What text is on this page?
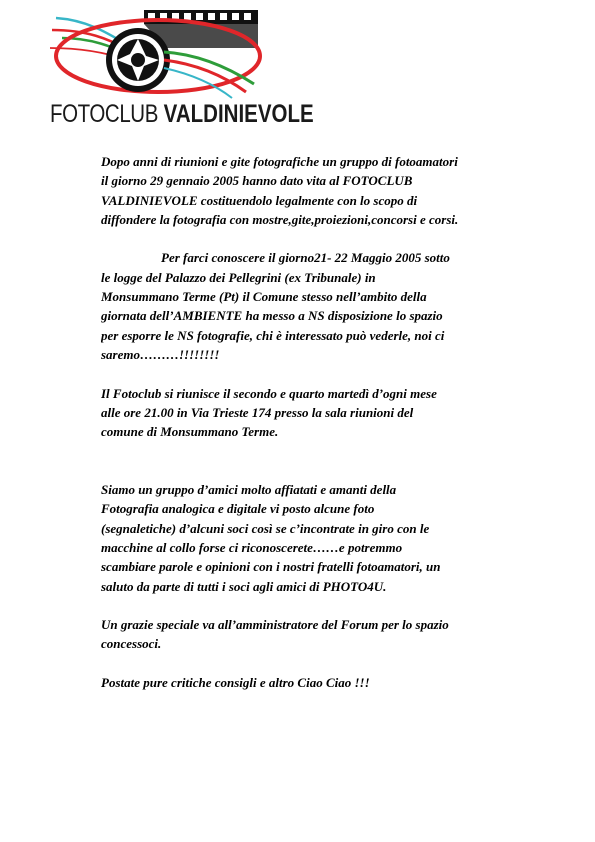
FOTOCLUB VALDINIEVOLE
Dopo anni di riunioni e gite fotografiche un gruppo di fotoamatori
il giorno 29 gennaio 2005 hanno dato vita al FOTOCLUB
VALDINIEVOLE costituendolo legalmente con lo scopo di
diffondere la fotografia con mostre,gite,proiezioni,concorsi e corsi.
Per farci conoscere il giorno21- 22 Maggio 2005 sotto
le logge del Palazzo dei Pellegrini (ex Tribunale) in
Monsummano Terme (Pt) il Comune stesso nell’ambito della
giornata dell’AMBIENTE ha messo a NS disposizione lo spazio
per esporre le NS fotografie, chi è interessato può vederle, noi ci
saremo………!!!!!!!!
Il Fotoclub si riunisce il secondo e quarto martedì d’ogni mese
alle ore 21.00 in Via Trieste 174 presso la sala riunioni del
comune di Monsummano Terme.
Siamo un gruppo d’amici molto affiatati e amanti della
Fotografia analogica e digitale vi posto alcune foto
(segnaletiche) d’alcuni soci così se c’incontrate in giro con le
macchine al collo forse ci riconoscerete……e potremmo
scambiare parole e opinioni con i nostri fratelli fotoamatori, un
saluto da parte di tutti i soci agli amici di PHOTO4U.
Un grazie speciale va all’amministratore del Forum per lo spazio
concessoci.
Postate pure critiche consigli e altro Ciao Ciao !!!
